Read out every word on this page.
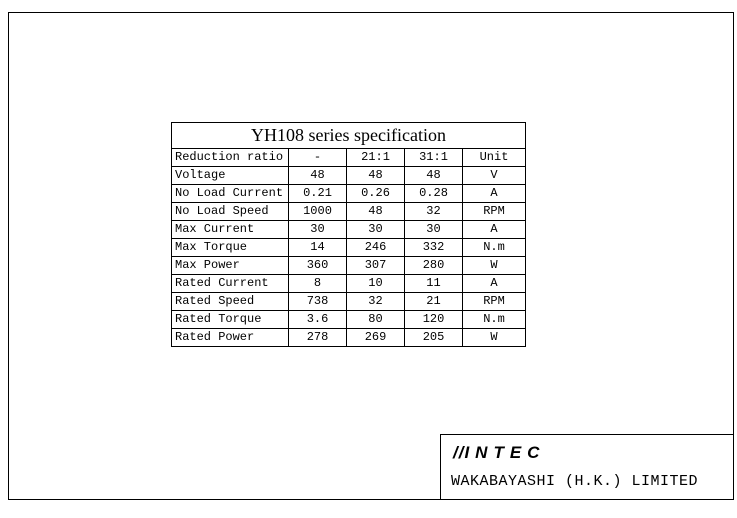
YH108 series specification				
Reduction ratio	-	21:1	31:1	Unit
Voltage	48	48	48	V
No Load Current	0.21	0.26	0.28	A
No Load Speed	1000	48	32	RPM
Max Current	30	30	30	A
Max Torque	14	246	332	N.m
Max Power	360	307	280	W
Rated Current	8	10	11	A
Rated Speed	738	32	21	RPM
Rated Torque	3.6	80	120	N.m
Rated Power	278	269	205	W
//INTEC
WAKABAYASHI (H.K.) LIMITED
